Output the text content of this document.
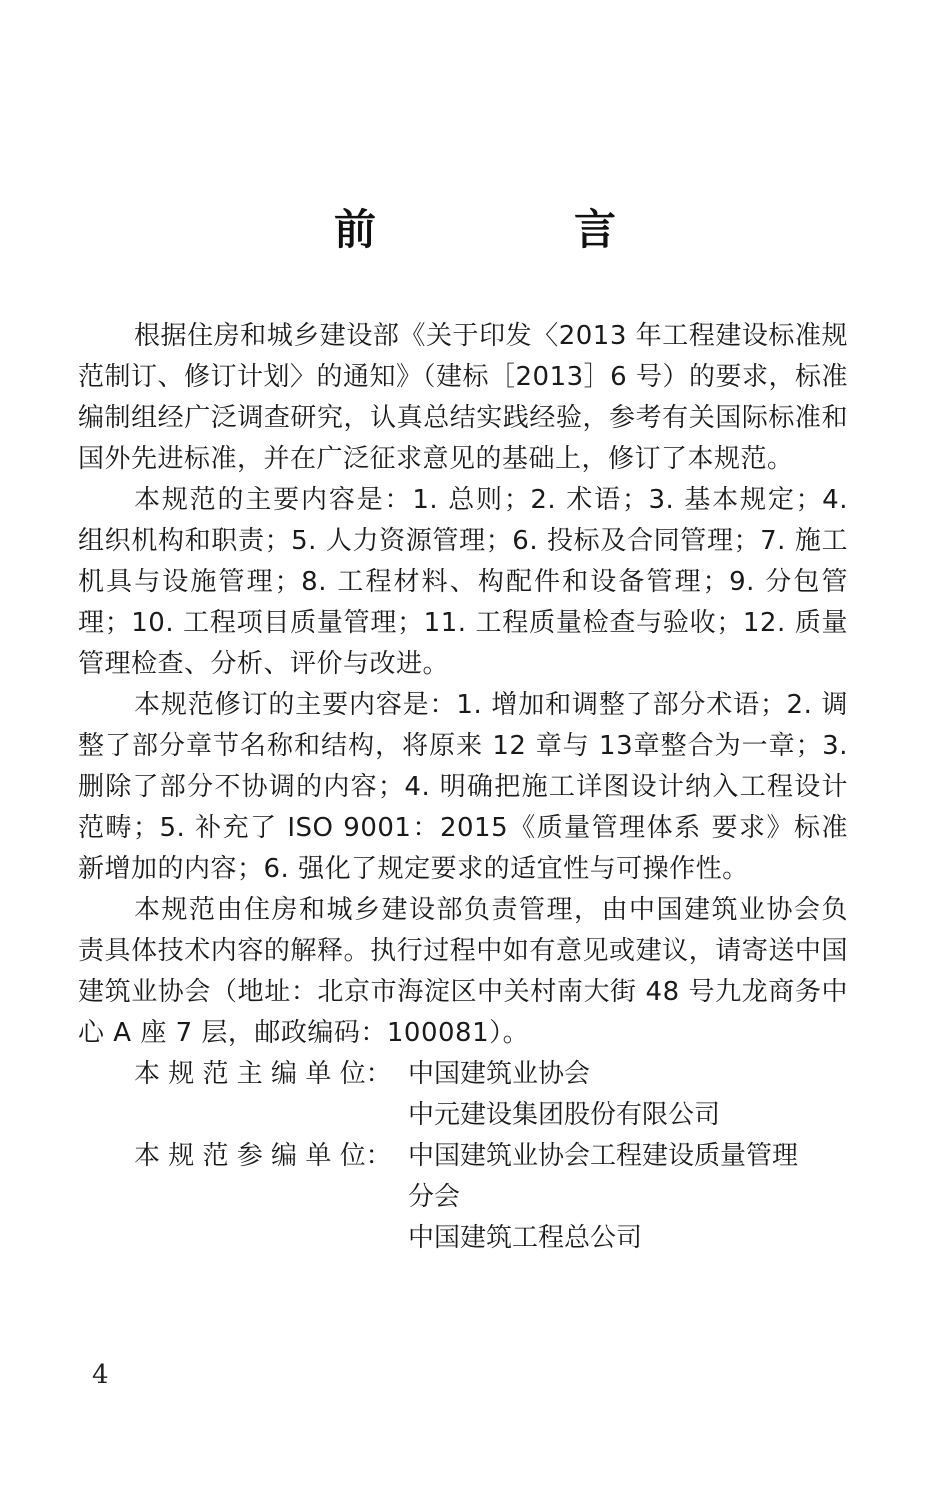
前　言

根据住房和城乡建设部《关于印发〈2013 年工程建设标准规范制订、修订计划〉的通知》（建标［2013］6 号）的要求，标准编制组经广泛调查研究，认真总结实践经验，参考有关国际标准和国外先进标准，并在广泛征求意见的基础上，修订了本规范。

本规范的主要内容是：1. 总则；2. 术语；3. 基本规定；4. 组织机构和职责；5. 人力资源管理；6. 投标及合同管理；7. 施工机具与设施管理；8. 工程材料、构配件和设备管理；9. 分包管理；10. 工程项目质量管理；11. 工程质量检查与验收；12. 质量管理检查、分析、评价与改进。

本规范修订的主要内容是：1. 增加和调整了部分术语；2. 调整了部分章节名称和结构，将原来 12 章与 13章整合为一章；3. 删除了部分不协调的内容；4. 明确把施工详图设计纳入工程设计范畴；5. 补充了 ISO 9001：2015《质量管理体系 要求》标准新增加的内容；6. 强化了规定要求的适宜性与可操作性。

本规范由住房和城乡建设部负责管理，由中国建筑业协会负责具体技术内容的解释。执行过程中如有意见或建议，请寄送中国建筑业协会（地址：北京市海淀区中关村南大街 48 号九龙商务中心 A 座 7 层，邮政编码：100081）。

本 规 范 主 编 单 位： 中国建筑业协会
中元建设集团股份有限公司
本 规 范 参 编 单 位： 中国建筑业协会工程建设质量管理
分会
中国建筑工程总公司
4
